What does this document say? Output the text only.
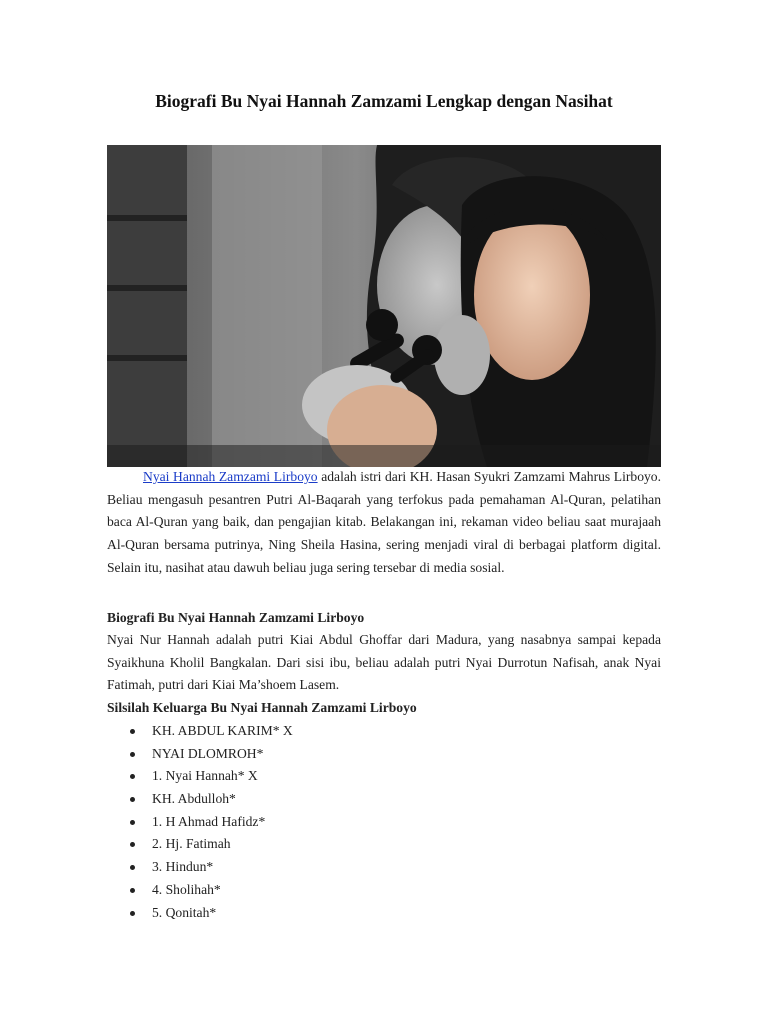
Biografi Bu Nyai Hannah Zamzami Lengkap dengan Nasihat

Nyai Hannah Zamzami Lirboyo adalah istri dari KH. Hasan Syukri Zamzami Mahrus Lirboyo. Beliau mengasuh pesantren Putri Al-Baqarah yang terfokus pada pemahaman Al-Quran, pelatihan baca Al-Quran yang baik, dan pengajian kitab. Belakangan ini, rekaman video beliau saat murajaah Al-Quran bersama putrinya, Ning Sheila Hasina, sering menjadi viral di berbagai platform digital. Selain itu, nasihat atau dawuh beliau juga sering tersebar di media sosial.

Biografi Bu Nyai Hannah Zamzami Lirboyo

Nyai Nur Hannah adalah putri Kiai Abdul Ghoffar dari Madura, yang nasabnya sampai kepada Syaikhuna Kholil Bangkalan. Dari sisi ibu, beliau adalah putri Nyai Durrotun Nafisah, anak Nyai Fatimah, putri dari Kiai Ma’shoem Lasem.

Silsilah Keluarga Bu Nyai Hannah Zamzami Lirboyo
KH. ABDUL KARIM* X
NYAI DLOMROH*
1. Nyai Hannah* X
KH. Abdulloh*
1. H Ahmad Hafidz*
2. Hj. Fatimah
3. Hindun*
4. Sholihah*
5. Qonitah*
